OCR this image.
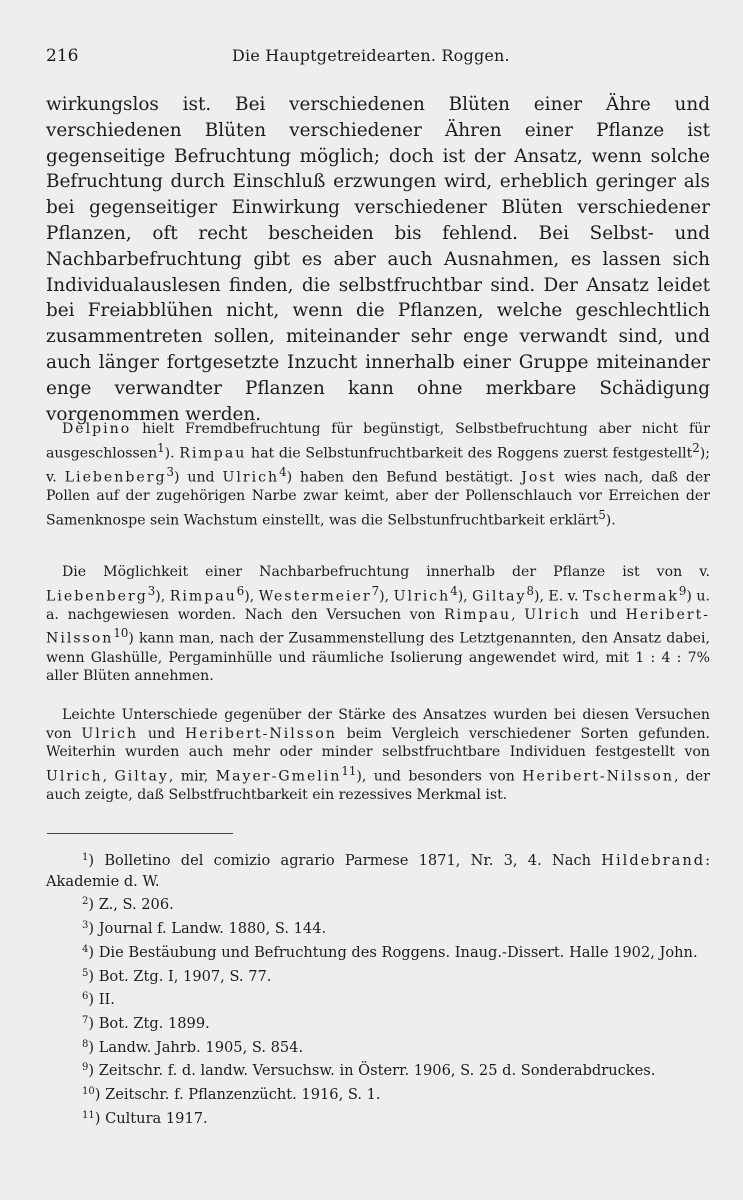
216	Die Hauptgetreidearten. Roggen.

wirkungslos ist. Bei verschiedenen Blüten einer Ähre und verschiedenen Blüten verschiedener Ähren einer Pflanze ist gegenseitige Befruchtung möglich; doch ist der Ansatz, wenn solche Befruchtung durch Einschluß erzwungen wird, erheblich geringer als bei gegenseitiger Einwirkung verschiedener Blüten verschiedener Pflanzen, oft recht bescheiden bis fehlend. Bei Selbst- und Nachbarbefruchtung gibt es aber auch Ausnahmen, es lassen sich Individualauslesen finden, die selbstfruchtbar sind. Der Ansatz leidet bei Freiabblühen nicht, wenn die Pflanzen, welche geschlechtlich zusammentreten sollen, miteinander sehr enge verwandt sind, und auch länger fortgesetzte Inzucht innerhalb einer Gruppe miteinander enge verwandter Pflanzen kann ohne merkbare Schädigung vorgenommen werden.

Delpino hielt Fremdbefruchtung für begünstigt, Selbstbefruchtung aber nicht für ausgeschlossen$^1$). Rimpau hat die Selbstunfruchtbarkeit des Roggens zuerst festgestellt$^2$); v. Liebenberg$^3$) und Ulrich$^4$) haben den Befund bestätigt. Jost wies nach, daß der Pollen auf der zugehörigen Narbe zwar keimt, aber der Pollenschlauch vor Erreichen der Samenknospe sein Wachstum einstellt, was die Selbstunfruchtbarkeit erklärt$^5$).

Die Möglichkeit einer Nachbarbefruchtung innerhalb der Pflanze ist von v. Liebenberg$^3$), Rimpau$^6$), Westermeier$^7$), Ulrich$^4$), Giltay$^8$), E. v. Tschermak$^9$) u. a. nachgewiesen worden. Nach den Versuchen von Rimpau, Ulrich und Heribert-Nilsson$^{10}$) kann man, nach der Zusammenstellung des Letztgenannten, den Ansatz dabei, wenn Glashülle, Pergaminhülle und räumliche Isolierung angewendet wird, mit 1 : 4 : 7% aller Blüten annehmen.

Leichte Unterschiede gegenüber der Stärke des Ansatzes wurden bei diesen Versuchen von Ulrich und Heribert-Nilsson beim Vergleich verschiedener Sorten gefunden. Weiterhin wurden auch mehr oder minder selbstfruchtbare Individuen festgestellt von Ulrich, Giltay, mir, Mayer-Gmelin$^{11}$), und besonders von Heribert-Nilsson, der auch zeigte, daß Selbstfruchtbarkeit ein rezessives Merkmal ist.

$^1$) Bolletino del comizio agrario Parmese 1871, Nr. 3, 4. Nach Hildebrand: Akademie d. W.
$^2$) Z., S. 206.
$^3$) Journal f. Landw. 1880, S. 144.
$^4$) Die Bestäubung und Befruchtung des Roggens. Inaug.-Dissert. Halle 1902, John.
$^5$) Bot. Ztg. I, 1907, S. 77.
$^6$) II.
$^7$) Bot. Ztg. 1899.
$^8$) Landw. Jahrb. 1905, S. 854.
$^9$) Zeitschr. f. d. landw. Versuchsw. in Österr. 1906, S. 25 d. Sonderabdruckes.
$^{10}$) Zeitschr. f. Pflanzenzücht. 1916, S. 1.
$^{11}$) Cultura 1917.
